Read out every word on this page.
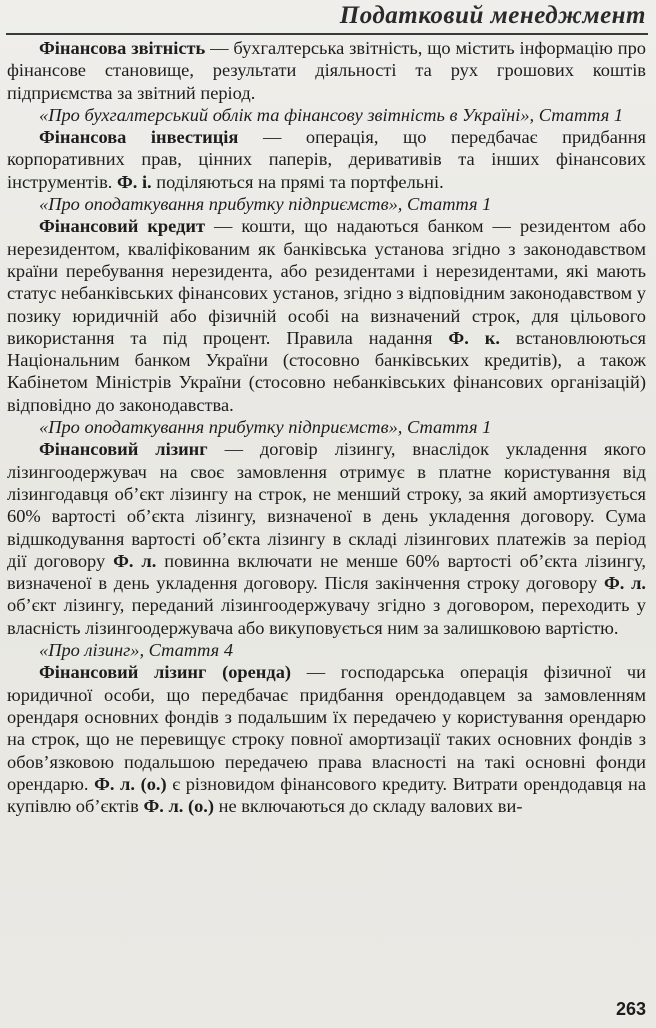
Податковий менеджмент

Фінансова звітність — бухгалтерська звітність, що містить інформацію про фінансове становище, результати діяльності та рух грошових коштів підприємства за звітний період.

«Про бухгалтерський облік та фінансову звітність в Україні», Стаття 1

Фінансова інвестиція — операція, що передбачає придбання корпоративних прав, цінних паперів, деривативів та інших фінансових інструментів. Ф. і. поділяються на прямі та портфельні.

«Про оподаткування прибутку підприємств», Стаття 1

Фінансовий кредит — кошти, що надаються банком — резидентом або нерезидентом, кваліфікованим як банківська установа згідно з законодавством країни перебування нерезидента, або резидентами і нерезидентами, які мають статус небанківських фінансових установ, згідно з відповідним законодавством у позику юридичній або фізичній особі на визначений строк, для цільового використання та під процент. Правила надання Ф. к. встановлюються Національним банком України (стосовно банківських кредитів), а також Кабінетом Міністрів України (стосовно небанківських фінансових організацій) відповідно до законодавства.

«Про оподаткування прибутку підприємств», Стаття 1

Фінансовий лізинг — договір лізингу, внаслідок укладення якого лізингоодержувач на своє замовлення отримує в платне користування від лізингодавця об’єкт лізингу на строк, не менший строку, за який амортизується 60% вартості об’єкта лізингу, визначеної в день укладення договору. Сума відшкодування вартості об’єкта лізингу в складі лізингових платежів за період дії договору Ф. л. повинна включати не менше 60% вартості об’єкта лізингу, визначеної в день укладення договору. Після закінчення строку договору Ф. л. об’єкт лізингу, переданий лізингоодержувачу згідно з договором, переходить у власність лізингоодержувача або викуповується ним за залишковою вартістю.

«Про лізинг», Стаття 4

Фінансовий лізинг (оренда) — господарська операція фізичної чи юридичної особи, що передбачає придбання орендодавцем за замовленням орендаря основних фондів з подальшим їх передачею у користування орендарю на строк, що не перевищує строку повної амортизації таких основних фондів з обов’язковою подальшою передачею права власності на такі основні фонди орендарю. Ф. л. (о.) є різновидом фінансового кредиту. Витрати орендодавця на купівлю об’єктів Ф. л. (о.) не включаються до складу валових ви-

263
